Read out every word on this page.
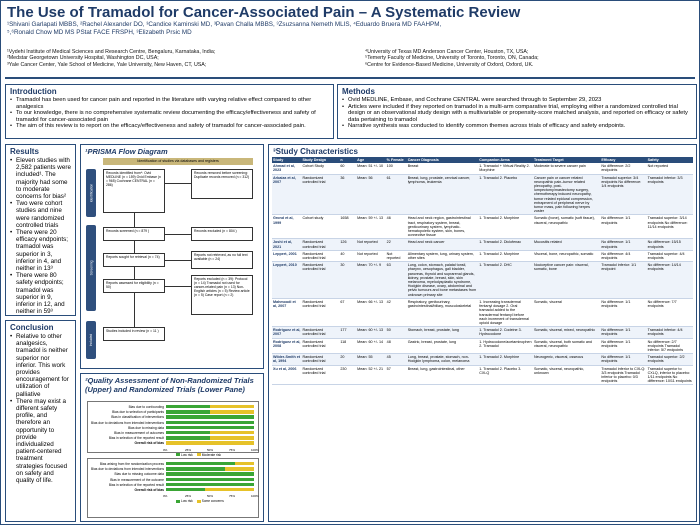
The Use of Tramadol for Cancer-Associated Pain – A Systematic Review
¹Shivani Garlapati MBBS, ²Rachel Alexander DO, ³Candice Kaminski MD, ³Pavan Challa MBBS, ³Zsuzsanna Nemeth MLIS, ⁴Eduardo Bruera MD FAAHPM,
⁵,⁶Ronald Chow MD MS PStat FACE FRSPH, ³Elizabeth Prsic MD
¹Vydehi Institute of Medical Sciences and Research Centre, Bengaluru, Karnataka, India;
²Medstar Georgetown University Hospital, Washington DC, USA;
³Yale Cancer Center, Yale School of Medicine, Yale University, New Haven, CT, USA;
⁴University of Texas MD Anderson Cancer Center, Houston, TX, USA;
⁵Temerty Faculty of Medicine, University of Toronto, Toronto, ON, Canada;
⁶Centre for Evidence-Based Medicine, University of Oxford, Oxford, UK.
Introduction
• Tramadol has been used for cancer pain and reported in the literature with varying relative effect compared to other analgesics
• To our knowledge, there is no comprehensive systematic review documenting the efficacy/effectiveness and safety of tramadol for cancer-associated pain
• The aim of this review is to report on the efficacy/effectiveness and safety of tramadol for cancer-associated pain.
Methods
• Ovid MEDLINE, Embase, and Cochrane CENTRAL were searched through to September 29, 2023
• Articles were included if they reported on tramadol in a multi-arm comparative trial, employing either a randomized controlled trial design or an observational study design with a multivariable or propensity-score matched analysis, and reported on efficacy or safety data pertaining to tramadol
• Narrative synthesis was conducted to identify common themes across trials of efficacy and safety endpoints.
Results
• Eleven studies with 2,582 patients were included¹. The majority had some to moderate concerns for bias²
• Two were cohort studies and nine were randomized controlled trials
• There were 20 efficacy endpoints; tramadol was superior in 3, inferior in 4, and neither in 13³
• There were 80 safety endpoints; tramadol was superior in 9, inferior in 12, and neither in 59³
Conclusion
• Relative to other analgesics, tramadol is neither superior nor inferior. This work provides encouragement for utilization of palliative
• There may exist a different safety profile, and therefore an opportunity to provide individualized patient-centered treatment strategies focused on safety and quality of life.
¹PRISMA Flow Diagram
Identification of studies via databases and registers
Identification
Screening
Included
Records identified from*: Ovid MEDLINE (n = 159) Ovid Embase (n = 965) Cochrane CENTRAL (n = 286)
Records removed before screening: Duplicate records removed (n = 312)
Records screened (n = 879 )	Records excluded (n = 804 )
Reports sought for retrieval (n = 74)	Reports not retrieved, as no full text available (n = 24)
Reports assessed for eligibility (n = 50)
Reports excluded (n = 39): Protocol (n = 14) Tramadol not used for cancer-related pain (n = 13) Non-English articles (n = 5) Review article (n = 5) Case report (n = 2)
Studies included in review (n = 11 )
²Quality Assessment of Non-Randomized Trials (Upper) and Randomized Trials (Lower Pane)
Bias due to confounding
Bias due to selection of participants
Bias in classification of interventions
Bias due to deviations from intended interventions
Bias due to missing data
Bias in measurement of outcomes
Bias in selection of the reported result
Overall risk of bias
0%	25%	50%	75%	100%
Low risk	Moderate risk
Bias arising from the randomization process
Bias due to deviations from intended interventions
Bias due to missing outcome data
Bias in measurement of the outcome
Bias in selection of the reported result
Overall risk of bias
0%	25%	50%	75%	100%
Low risk	Some concerns
³Study Characteristics
Study	Study Design	n	Age	% Female	Cancer Diagnosis	Companion Arms	Treatment Target	Efficacy	Safety
Ahmad et al, 2023	Cohort Study	60	Mean: 51 +/- 10	100	Breast	1. Tramadol + Virtual Reality 2. Morphine	Moderate to severe cancer pain	No difference: 2/2 endpoints	Not reported
Arbaiza et al, 2007	Randomized controlled trial	36	Mean: 56	61	Breast, lung, prostate, cervical cancer, lymphoma, leukemia	1. Tramadol 2. Placebo	Cancer pain or cancer related neuropathic pain–tumor related plexopathy, post-lumpectomy/mastectomy surgery, chemotherapy induced neuropathy, tumor related epidural compression, entrapment of peripheral nerve by tumor mass, pain following herpes zoster	Tramadol superior: 3/4 endpoints No difference: 1/4 endpoints	Tramadol inferior: 3/3 endpoints
Grond et al, 1999	Cohort study	1658	Mean: 59 +/- 13	46	Head and neck region, gastrointestinal tract, respiratory system, breast, genitourinary system, lymphatic-hematopoietic system, skin, bones, connective tissue	1. Tramadol 2. Morphine	Somatic (bone), somatic (soft tissue), visceral, neuropathic	No difference: 1/1 endpoints	Tramadol superior: 3/14 endpoints No difference: 11/14 endpoints
Joshi et al, 2021	Randomized controlled trial	126	Not reported	22	Head and neck cancer	1. Tramadol 2. Diclofenac	Mucositis related	No difference: 1/1 endpoints	No difference: 15/15 endpoints
Leppert, 2001	Randomized controlled trial	40	Not reported	Not reported	Alimentary system, lung, urinary system, other sites	1. Tramadol 2. Morphine	Visceral, bone, neuropathic, somatic	No difference: 4/4 endpoints	Tramadol superior: 4/4 endpoints
Leppert, 2010	Randomized controlled trial	30	Mean: 70 +/- 9	63	Lung, colon, stomach, palatal tonsil, pharynx, oesophagus, gall bladder, pancreas, thyroid and suprarenal glands, kidney, prostate, breast, skin, skin melanoma, myelodysplastic syndrome, Hodgkin disease, ovary, abdominal and pelvic tumours and bone metastases from unknown primary site	1. Tramadol 2. DHC	Nociceptive cancer pain: visceral, somatic, bone	Tramadol inferior: 1/1 endpoint	No difference: 14/14 endpoints
Mahmoodi et al, 2007	Randomized controlled trial	67	Mean: 66 +/- 13	42	Respiratory, genitourinary, gastrointestinal/biliary, musculoskeletal	1. Increasing transdermal fentanyl dosage 2. Oral tramadol added to the transdermal fentanyl before each increment of transdermal opioid dosage	Somatic, visceral	No difference: 1/1 endpoints	No difference: 7/7 endpoints
Rodriguez et al, 2007	Randomized controlled trial	177	Mean: 60 +/- 13	50	Stomach, breast, prostate, lung	1. Tramadol 2. Codeine 3. Hydrocodone	Somatic, visceral, mixed, neuropathic	No difference: 1/1 endpoints	Tramadol inferior: 4/4 endpoints
Rodriguez et al, 2008	Randomized controlled trial	118	Mean: 60 +/- 14	48	Gastric, breast, prostate, lung	1. Hydrocodone/acetaminophen 2. Tramadol	Somatic, visceral, both somatic and visceral, neuropathic	No difference: 1/1 endpoints	No difference: 2/7 endpoints Tramadol inferior: 5/7 endpoints
Wilder-Smith et al, 1994	Randomized controlled trial	20	Mean: 55	45	Lung, breast, prostate, stomach, non-Hodgkin lymphoma, colon, melanoma	1. Tramadol 2. Morphine	Neurogenic, visceral, osseous	No difference: 1/1 endpoints	Tramadol superior: 2/2 endpoints
Xu et al, 2006	Randomized controlled trial	230	Mean: 52 +/- 21	57	Breast, lung, gastrointestinal, other	1. Tramadol 2. Placebo 3. CXLQ	Somatic, visceral, neuropathic, unknown	Tramadol inferior to CXLQ: 3/3 endpoints Tramadol inferior to placebo: 0/3 endpoints	Tramadol superior to CXLQ, inferior to placebo: 1/11 endpoints No difference: 10/11 endpoints
